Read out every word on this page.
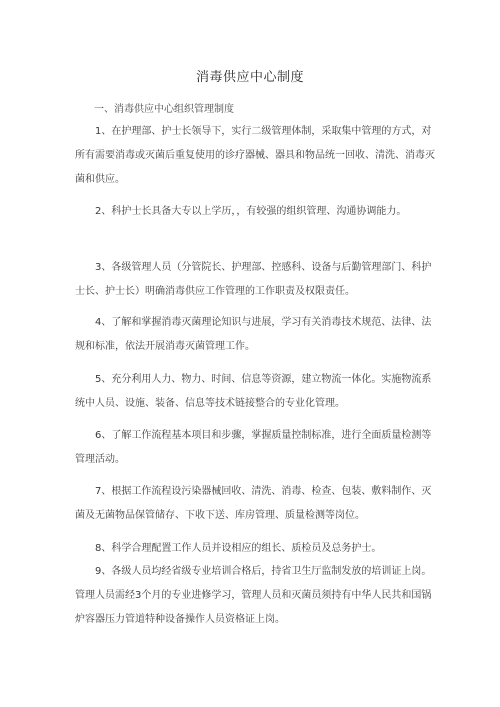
消毒供应中心制度
一、消毒供应中心组织管理制度
1、在护理部、护士长领导下，实行二级管理体制，采取集中管理的方式，对所有需要消毒或灭菌后重复使用的诊疗器械、器具和物品统一回收、清洗、消毒灭菌和供应。
2、科护士长具备大专以上学历，，有较强的组织管理、沟通协调能力。
3、各级管理人员（分管院长、护理部、控感科、设备与后勤管理部门、科护士长、护士长）明确消毒供应工作管理的工作职责及权限责任。
4、了解和掌握消毒灭菌理论知识与进展，学习有关消毒技术规范、法律、法规和标准，依法开展消毒灭菌管理工作。
5、充分利用人力、物力、时间、信息等资源，建立物流一体化。实施物流系统中人员、设施、装备、信息等技术链接整合的专业化管理。
6、了解工作流程基本项目和步骤，掌握质量控制标准，进行全面质量检测等管理活动。
7、根据工作流程设污染器械回收、清洗、消毒、检查、包装、敷料制作、灭菌及无菌物品保管储存、下收下送、库房管理、质量检测等岗位。
8、科学合理配置工作人员并设相应的组长、质检员及总务护士。
9、各级人员均经省级专业培训合格后，持省卫生厅监制发放的培训证上岗。管理人员需经3个月的专业进修学习，管理人员和灭菌员须持有中华人民共和国锅炉容器压力管道特种设备操作人员资格证上岗。
